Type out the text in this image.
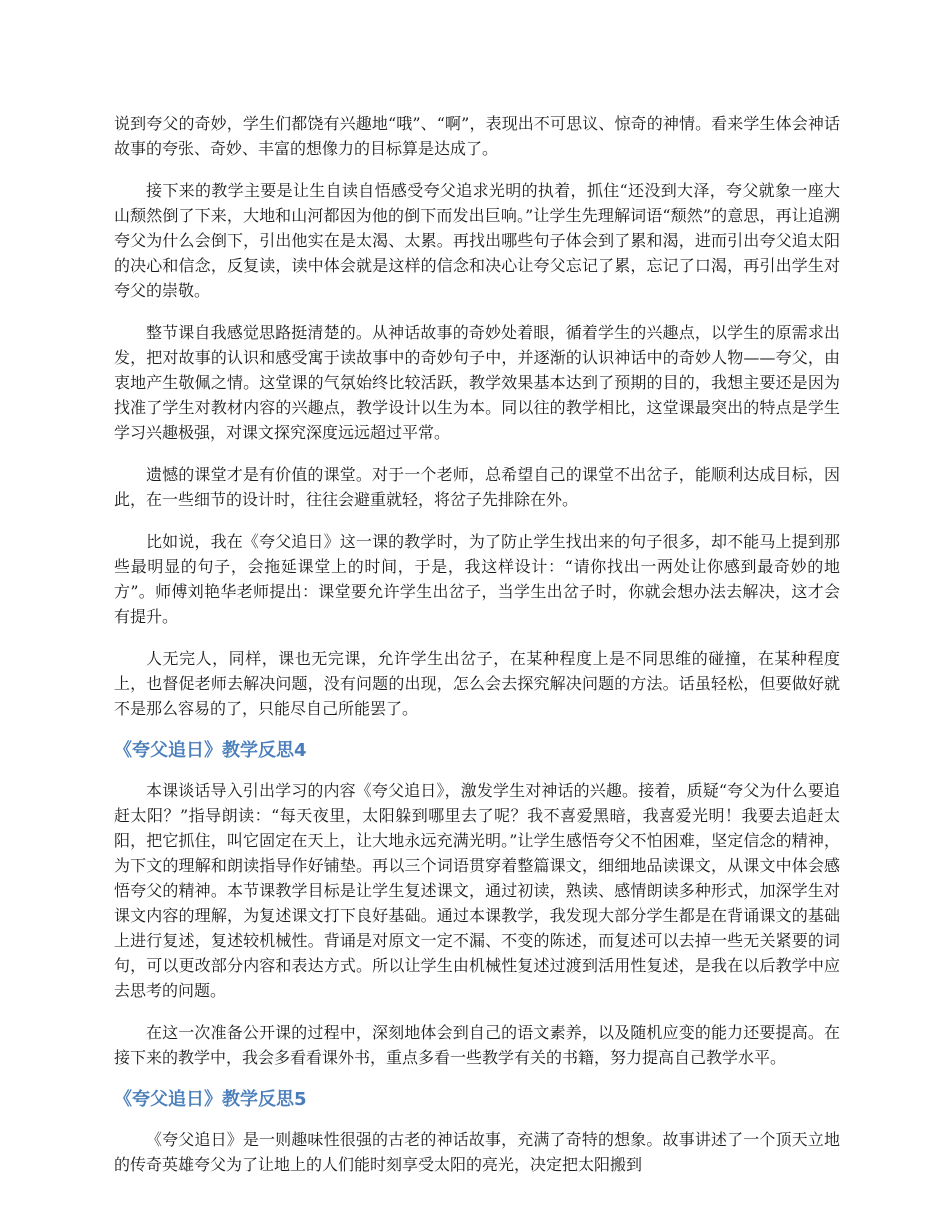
说到夸父的奇妙，学生们都饶有兴趣地“哦”、“啊”，表现出不可思议、惊奇的神情。看来学生体会神话故事的夸张、奇妙、丰富的想像力的目标算是达成了。

接下来的教学主要是让生自读自悟感受夸父追求光明的执着，抓住“还没到大泽，夸父就象一座大山颓然倒了下来，大地和山河都因为他的倒下而发出巨响。”让学生先理解词语“颓然”的意思，再让追溯夸父为什么会倒下，引出他实在是太渴、太累。再找出哪些句子体会到了累和渴，进而引出夸父追太阳的决心和信念，反复读，读中体会就是这样的信念和决心让夸父忘记了累，忘记了口渴，再引出学生对夸父的崇敬。

整节课自我感觉思路挺清楚的。从神话故事的奇妙处着眼，循着学生的兴趣点，以学生的原需求出发，把对故事的认识和感受寓于读故事中的奇妙句子中，并逐渐的认识神话中的奇妙人物——夸父，由衷地产生敬佩之情。这堂课的气氛始终比较活跃，教学效果基本达到了预期的目的，我想主要还是因为找准了学生对教材内容的兴趣点，教学设计以生为本。同以往的教学相比，这堂课最突出的特点是学生学习兴趣极强，对课文探究深度远远超过平常。

遗憾的课堂才是有价值的课堂。对于一个老师，总希望自己的课堂不出岔子，能顺利达成目标，因此，在一些细节的设计时，往往会避重就轻，将岔子先排除在外。

比如说，我在《夸父追日》这一课的教学时，为了防止学生找出来的句子很多，却不能马上提到那些最明显的句子，会拖延课堂上的时间，于是，我这样设计：“请你找出一两处让你感到最奇妙的地方”。师傅刘艳华老师提出：课堂要允许学生出岔子，当学生出岔子时，你就会想办法去解决，这才会有提升。

人无完人，同样，课也无完课，允许学生出岔子，在某种程度上是不同思维的碰撞，在某种程度上，也督促老师去解决问题，没有问题的出现，怎么会去探究解决问题的方法。话虽轻松，但要做好就不是那么容易的了，只能尽自己所能罢了。

《夸父追日》教学反思4

本课谈话导入引出学习的内容《夸父追日》，激发学生对神话的兴趣。接着，质疑“夸父为什么要追赶太阳？”指导朗读：“每天夜里，太阳躲到哪里去了呢？我不喜爱黑暗，我喜爱光明！我要去追赶太阳，把它抓住，叫它固定在天上，让大地永远充满光明。”让学生感悟夸父不怕困难，坚定信念的精神，为下文的理解和朗读指导作好铺垫。再以三个词语贯穿着整篇课文，细细地品读课文，从课文中体会感悟夸父的精神。本节课教学目标是让学生复述课文，通过初读，熟读、感情朗读多种形式，加深学生对课文内容的理解，为复述课文打下良好基础。通过本课教学，我发现大部分学生都是在背诵课文的基础上进行复述，复述较机械性。背诵是对原文一定不漏、不变的陈述，而复述可以去掉一些无关紧要的词句，可以更改部分内容和表达方式。所以让学生由机械性复述过渡到活用性复述，是我在以后教学中应去思考的问题。

在这一次准备公开课的过程中，深刻地体会到自己的语文素养，以及随机应变的能力还要提高。在接下来的教学中，我会多看看课外书，重点多看一些教学有关的书籍，努力提高自己教学水平。

《夸父追日》教学反思5

《夸父追日》是一则趣味性很强的古老的神话故事，充满了奇特的想象。故事讲述了一个顶天立地的传奇英雄夸父为了让地上的人们能时刻享受太阳的亮光，决定把太阳搬到
